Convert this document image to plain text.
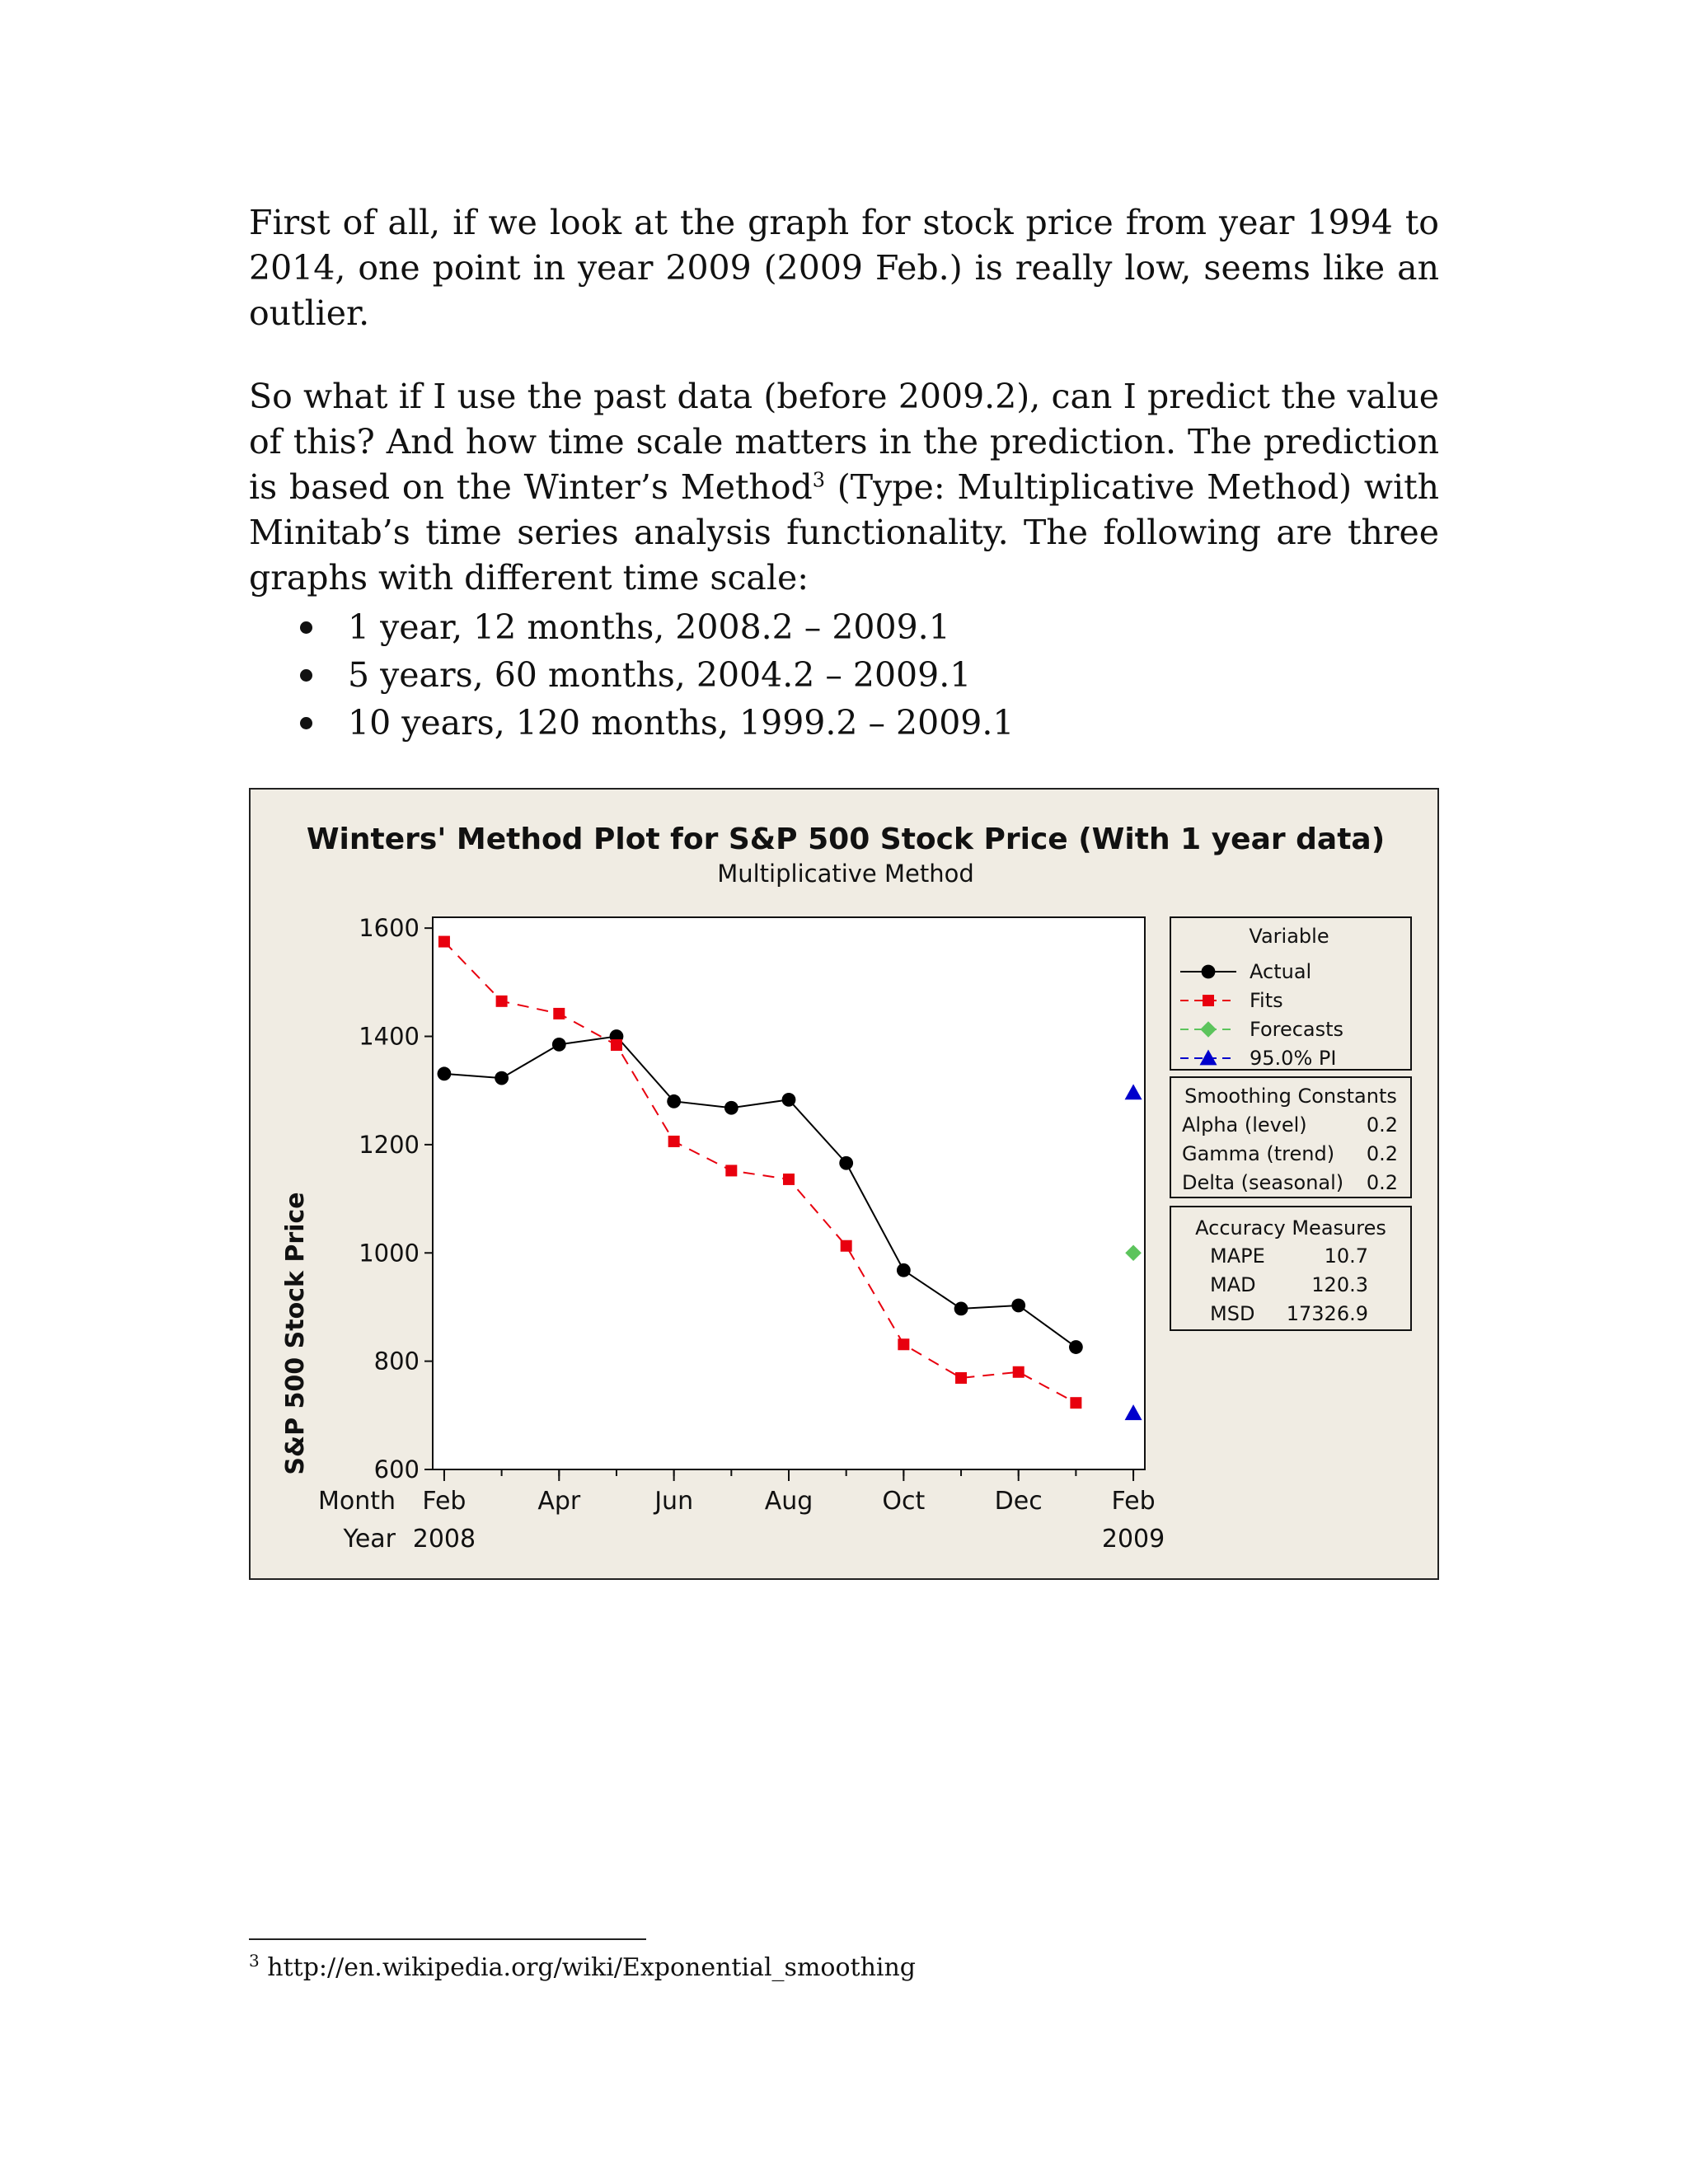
First of all, if we look at the graph for stock price from year 1994 to 2014, one point in year 2009 (2009 Feb.) is really low, seems like an outlier.

So what if I use the past data (before 2009.2), can I predict the value of this? And how time scale matters in the prediction. The prediction is based on the Winter’s Method$^3$ (Type: Multiplicative Method) with Minitab’s time series analysis functionality. The following are three graphs with different time scale:

1 year, 12 months, 2008.2 – 2009.1
5 years, 60 months, 2004.2 – 2009.1
10 years, 120 months, 1999.2 – 2009.1
Winters' Method Plot for S&P 500 Stock Price (With 1 year data)
Multiplicative Method
S&P 500 Stock Price	600
800
1000
1200
1400
1600
Feb
2008
Apr	Jun	Aug	Oct	Dec	Feb
2009
Month
Year
Variable
Actual
Fits
Forecasts
95.0% PI
Smoothing Constants
Alpha (level)	0.2
Gamma (trend) 0.2
Delta (seasonal) 0.2
Accuracy Measures
MAPE	10.7
MAD	120.3
MSD 17326.9
$^3$ http://en.wikipedia.org/wiki/Exponential_smoothing
